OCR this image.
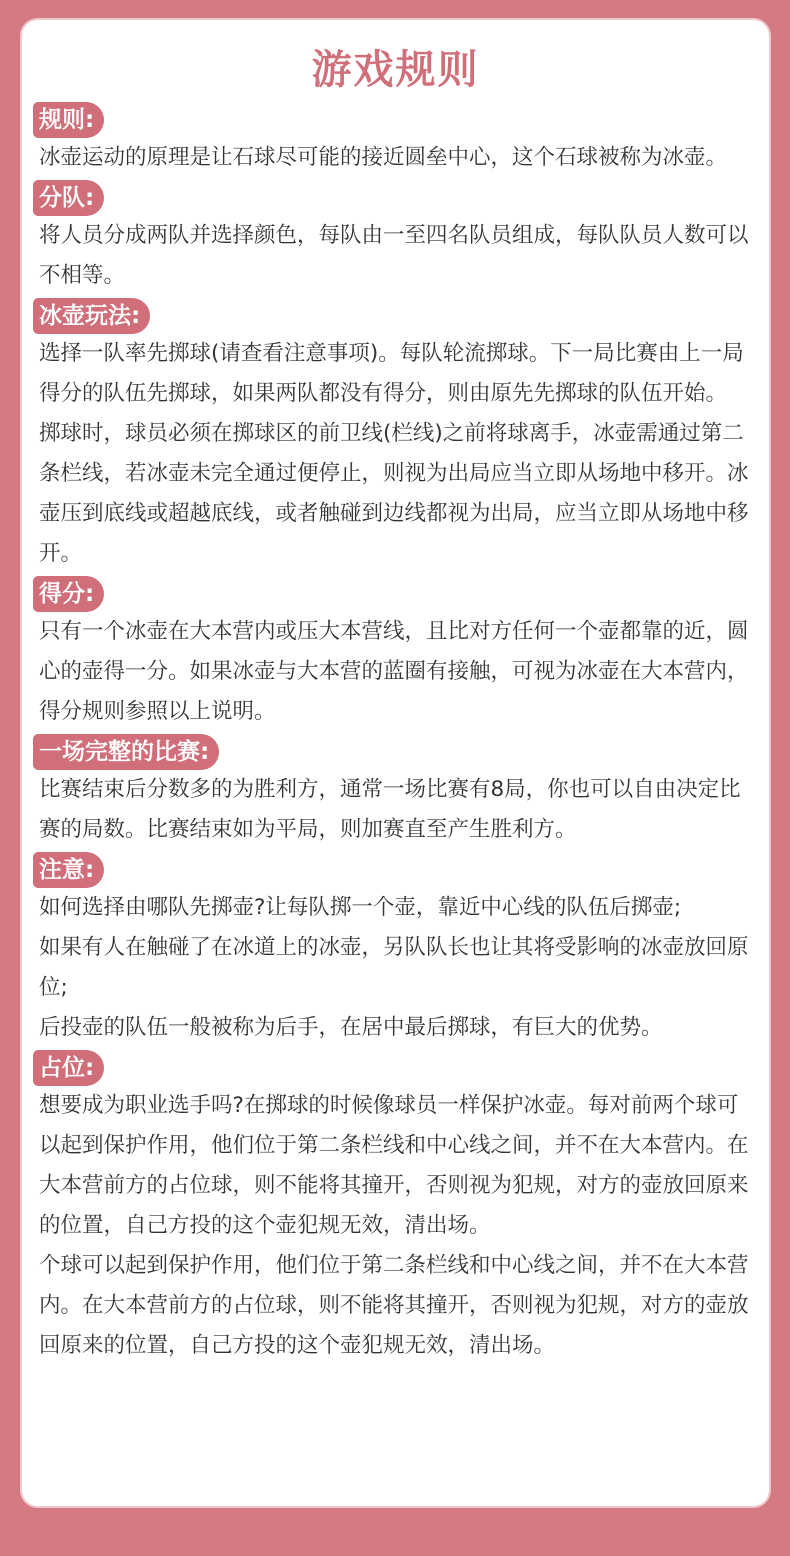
游戏规则
规则:

冰壶运动的原理是让石球尽可能的接近圆垒中心，这个石球被称为冰壶。

分队:

将人员分成两队并选择颜色，每队由一至四名队员组成，每队队员人数可以不相等。

冰壶玩法:

选择一队率先掷球(请查看注意事项)。每队轮流掷球。下一局比赛由上一局得分的队伍先掷球，如果两队都没有得分，则由原先先掷球的队伍开始。

掷球时，球员必须在掷球区的前卫线(栏线)之前将球离手，冰壶需通过第二条栏线，若冰壶未完全通过便停止，则视为出局应当立即从场地中移开。冰壶压到底线或超越底线，或者触碰到边线都视为出局，应当立即从场地中移开。

得分:

只有一个冰壶在大本营内或压大本营线，且比对方任何一个壶都靠的近，圆心的壶得一分。如果冰壶与大本营的蓝圈有接触，可视为冰壶在大本营内，得分规则参照以上说明。

一场完整的比赛:

比赛结束后分数多的为胜利方，通常一场比赛有8局，你也可以自由决定比赛的局数。比赛结束如为平局，则加赛直至产生胜利方。

注意:

如何选择由哪队先掷壶?让每队掷一个壶，靠近中心线的队伍后掷壶;

如果有人在触碰了在冰道上的冰壶，另队队长也让其将受影响的冰壶放回原位;

后投壶的队伍一般被称为后手，在居中最后掷球，有巨大的优势。

占位:

想要成为职业选手吗?在掷球的时候像球员一样保护冰壶。每对前两个球可以起到保护作用，他们位于第二条栏线和中心线之间，并不在大本营内。在大本营前方的占位球，则不能将其撞开，否则视为犯规，对方的壶放回原来的位置，自己方投的这个壶犯规无效，清出场。

个球可以起到保护作用，他们位于第二条栏线和中心线之间，并不在大本营内。在大本营前方的占位球，则不能将其撞开，否则视为犯规，对方的壶放回原来的位置，自己方投的这个壶犯规无效，清出场。
